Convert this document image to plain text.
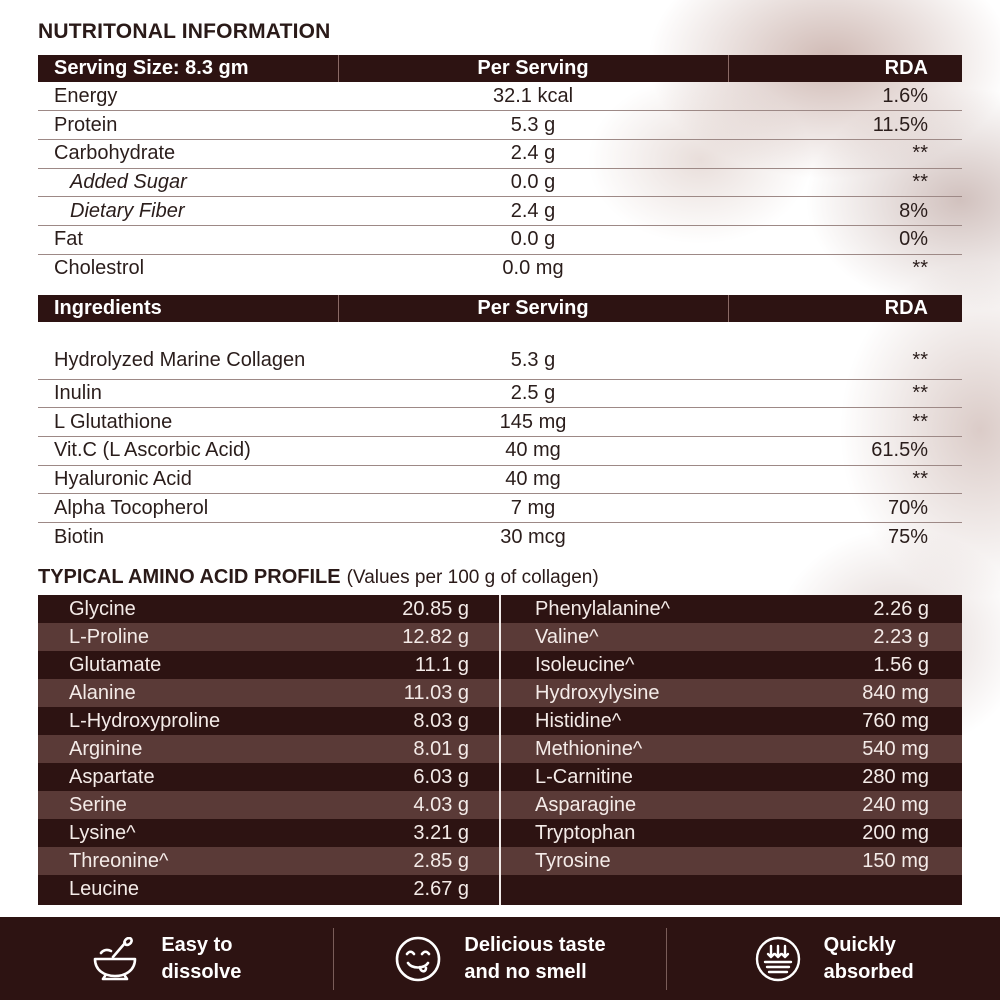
NUTRITONAL INFORMATION
Serving Size: 8.3 gm	Per Serving	RDA
Energy	32.1 kcal	1.6%
Protein	5.3 g	11.5%
Carbohydrate	2.4 g	**
Added Sugar	0.0 g	**
Dietary Fiber	2.4 g	8%
Fat	0.0 g	0%
Cholestrol	0.0 mg	**
Ingredients	Per Serving	RDA
Hydrolyzed Marine Collagen	5.3 g	**
Inulin	2.5 g	**
L Glutathione	145 mg	**
Vit.C (L Ascorbic Acid)	40 mg	61.5%
Hyaluronic Acid	40 mg	**
Alpha Tocopherol	7 mg	70%
Biotin	30 mcg	75%
TYPICAL AMINO ACID PROFILE (Values per 100 g of collagen)
Glycine	20.85 g
L-Proline	12.82 g
Glutamate	11.1 g
Alanine	11.03 g
L-Hydroxyproline	8.03 g
Arginine	8.01 g
Aspartate	6.03 g
Serine	4.03 g
Lysine^	3.21 g
Threonine^	2.85 g
Leucine	2.67 g
Phenylalanine^	2.26 g
Valine^	2.23 g
Isoleucine^	1.56 g
Hydroxylysine	840 mg
Histidine^	760 mg
Methionine^	540 mg
L-Carnitine	280 mg
Asparagine	240 mg
Tryptophan	200 mg
Tyrosine	150 mg
Easy to
dissolve
Delicious taste
and no smell
Quickly
absorbed
